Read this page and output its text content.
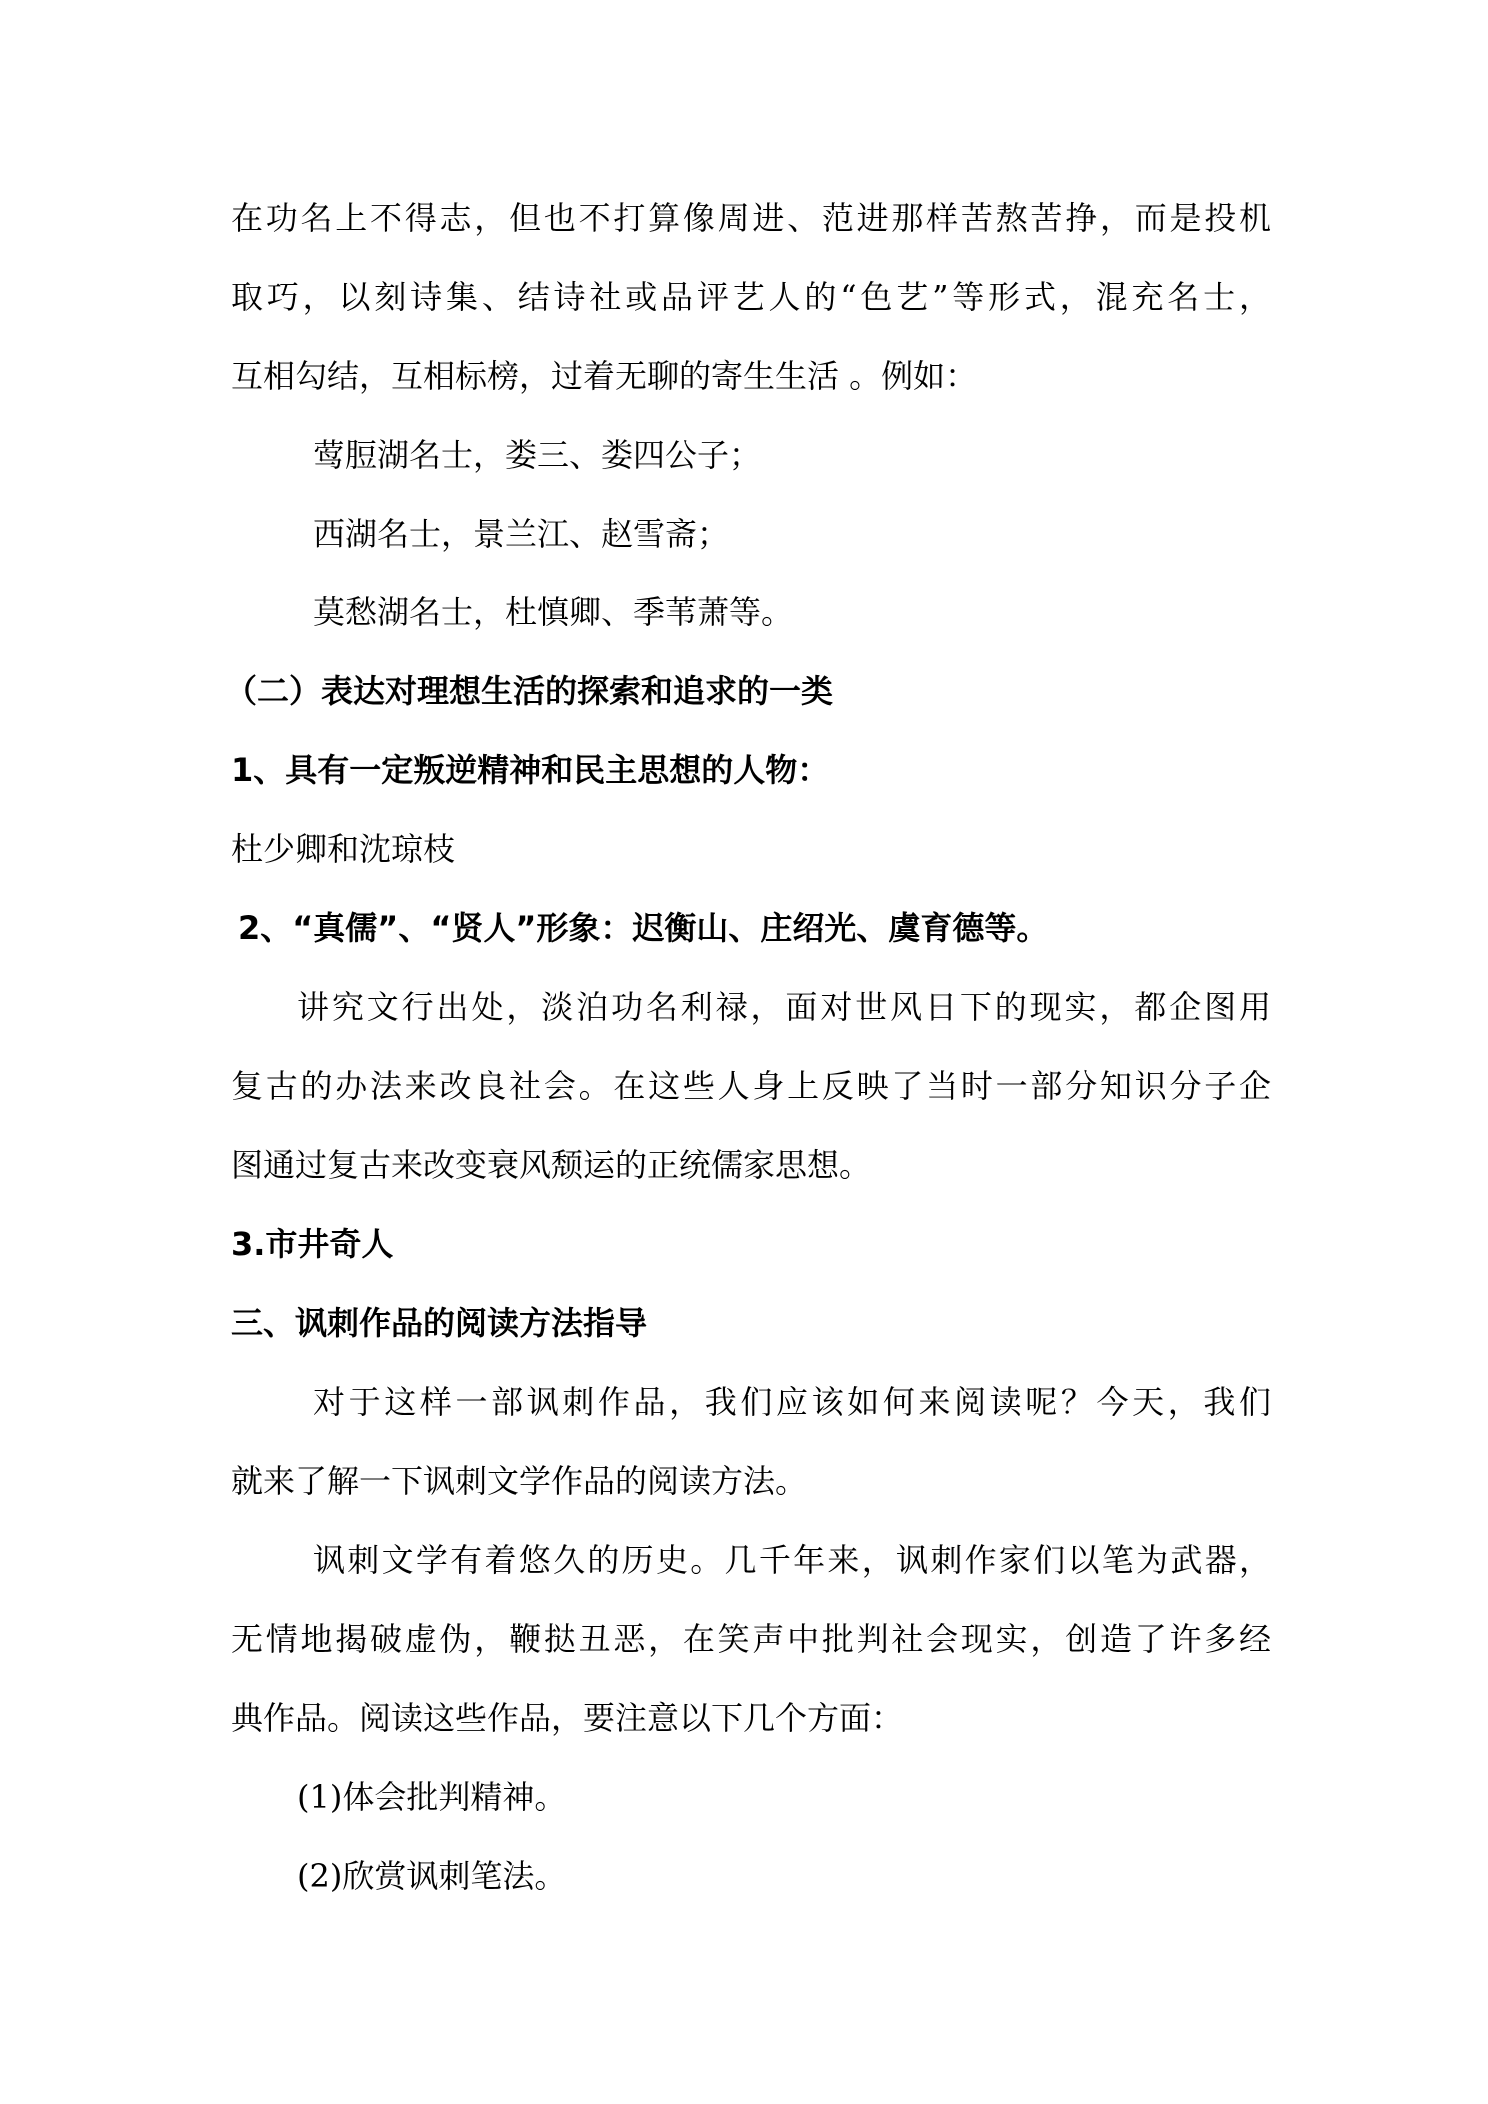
在功名上不得志，但也不打算像周进、范进那样苦熬苦挣，而是投机
取巧，以刻诗集、结诗社或品评艺人的“色艺”等形式，混充名士，
互相勾结，互相标榜，过着无聊的寄生生活 。例如：
莺脰湖名士，娄三、娄四公子；
西湖名士，景兰江、赵雪斋；
莫愁湖名士，杜慎卿、季苇萧等。
（二）表达对理想生活的探索和追求的一类
1、具有一定叛逆精神和民主思想的人物：
杜少卿和沈琼枝
2、“真儒”、“贤人”形象：迟衡山、庄绍光、虞育德等。
讲究文行出处，淡泊功名利禄，面对世风日下的现实，都企图用
复古的办法来改良社会。在这些人身上反映了当时一部分知识分子企
图通过复古来改变衰风颓运的正统儒家思想。
3.市井奇人
三、讽刺作品的阅读方法指导
对于这样一部讽刺作品，我们应该如何来阅读呢？今天，我们
就来了解一下讽刺文学作品的阅读方法。
讽刺文学有着悠久的历史。几千年来，讽刺作家们以笔为武器，
无情地揭破虚伪，鞭挞丑恶，在笑声中批判社会现实，创造了许多经
典作品。阅读这些作品，要注意以下几个方面：
(1)体会批判精神。
(2)欣赏讽刺笔法。
